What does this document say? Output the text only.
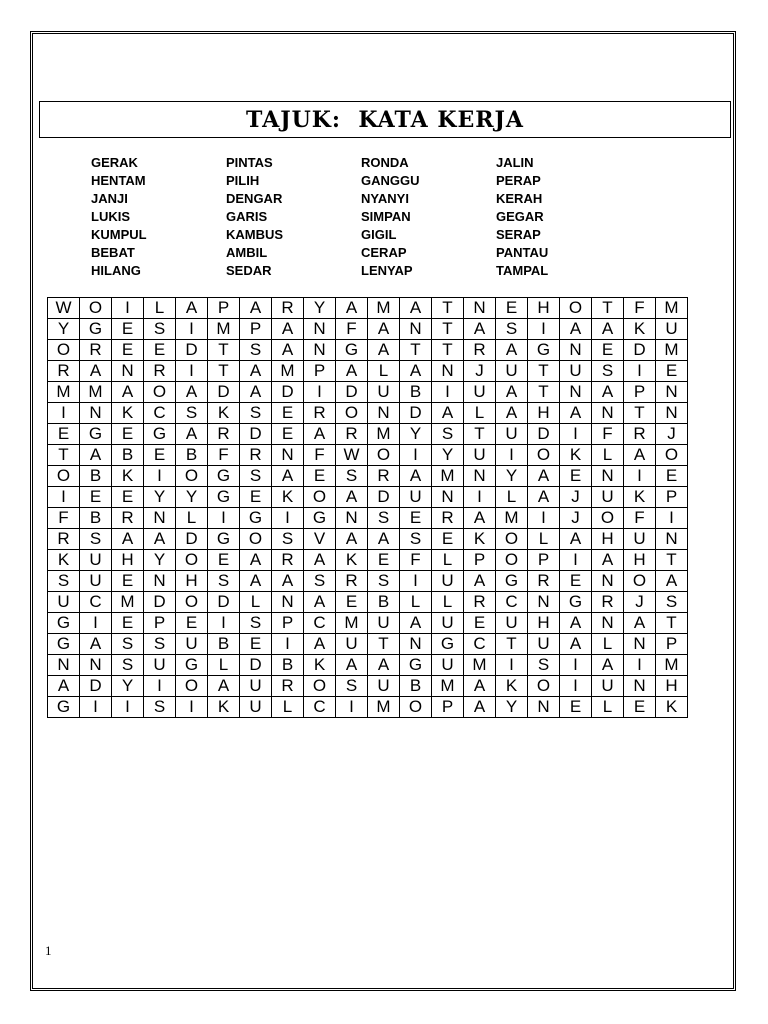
TAJUK:  KATA KERJA
GERAK
HENTAM
JANJI
LUKIS
KUMPUL
BEBAT
HILANG
PINTAS
PILIH
DENGAR
GARIS
KAMBUS
AMBIL
SEDAR
RONDA
GANGGU
NYANYI
SIMPAN
GIGIL
CERAP
LENYAP
JALIN
PERAP
KERAH
GEGAR
SERAP
PANTAU
TAMPAL
W	O	I	L	A	P	A	R	Y	A	M	A	T	N	E	H	O	T	F	M
Y	G	E	S	I	M	P	A	N	F	A	N	T	A	S	I	A	A	K	U
O	R	E	E	D	T	S	A	N	G	A	T	T	R	A	G	N	E	D	M
R	A	N	R	I	T	A	M	P	A	L	A	N	J	U	T	U	S	I	E
M	M	A	O	A	D	A	D	I	D	U	B	I	U	A	T	N	A	P	N
I	N	K	C	S	K	S	E	R	O	N	D	A	L	A	H	A	N	T	N
E	G	E	G	A	R	D	E	A	R	M	Y	S	T	U	D	I	F	R	J
T	A	B	E	B	F	R	N	F	W	O	I	Y	U	I	O	K	L	A	O
O	B	K	I	O	G	S	A	E	S	R	A	M	N	Y	A	E	N	I	E
I	E	E	Y	Y	G	E	K	O	A	D	U	N	I	L	A	J	U	K	P
F	B	R	N	L	I	G	I	G	N	S	E	R	A	M	I	J	O	F	I
R	S	A	A	D	G	O	S	V	A	A	S	E	K	O	L	A	H	U	N
K	U	H	Y	O	E	A	R	A	K	E	F	L	P	O	P	I	A	H	T
S	U	E	N	H	S	A	A	S	R	S	I	U	A	G	R	E	N	O	A
U	C	M	D	O	D	L	N	A	E	B	L	L	R	C	N	G	R	J	S
G	I	E	P	E	I	S	P	C	M	U	A	U	E	U	H	A	N	A	T
G	A	S	S	U	B	E	I	A	U	T	N	G	C	T	U	A	L	N	P
N	N	S	U	G	L	D	B	K	A	A	G	U	M	I	S	I	A	I	M
A	D	Y	I	O	A	U	R	O	S	U	B	M	A	K	O	I	U	N	H
G	I	I	S	I	K	U	L	C	I	M	O	P	A	Y	N	E	L	E	K
1
